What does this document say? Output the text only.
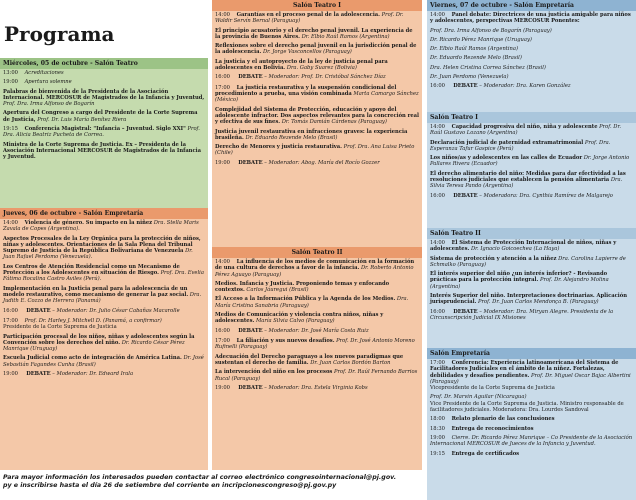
Programa
Miércoles, 05 de octubre - Salón Teatro
13:00 Acreditaciones
19:00 Apertura solemne
Palabras de bienvenida de la Presidenta de la Asociación Internacional. MERCOSUR de Magistrados de la Infancia y Juventud, Prof. Dra. Irma Alfonso de Bogarín
Apertura del Congreso a cargo del Presidente de la Corte Suprema de Justicia, Prof. Dr. Luis María Benítez Riera
19:15 Conferencia Magistral: "Infancia – Juventud. Siglo XXI" Prof. Dra. Alicia Beatriz Pucheta de Correa.
Ministra de la Corte Suprema de Justicia. Ex – Presidenta de la Asociación Internacional MERCOSUR de Magistrados de la Infancia y Juventud.
Jueves, 06 de octubre - Salón Empretaría
14:00 Violencia de género. Su impacto en la niñez Dra. Stella Maris Zavala de Copes (Argentina).
Aspectos Procesales de la Ley Orgánica para la protección de niños, niñas y adolescentes. Orientaciones de la Sala Plena del Tribunal Supremo de Justicia de la República Bolivariana de Venezuela Dr. Juan Rafael Perdomo (Venezuela).
Los Centros de Atención Residencial como un Mecanismo de Protección a los Adolescentes en situación de Riesgo. Prof. Dra. Evelia Fátima Rocalina Castro Aviles (Perú).
Implementación en la Justicia penal para la adolescencia de un modelo restaurativo, como mecanismo de generar la paz social. Dra. Judith E. Cozzo de Herrera (Panamá)
16:00 DEBATE – Moderador: Dr. Julio César Cabañas Macarolle
17:00 Prof. Dr. Harley J. Mitchell D. (Panamá, a confirmar)
Presidente de la Corte Suprema de Justicia
Participación procesal de los niños, niñas y adolescentes según la Convención sobre los derechos del niño. Dr. Ricardo César Pérez Manrique (Uruguay)
Escuela Judicial como acto de integración de América Latina. Dr. José Sebastián Fagundes Cunha (Brasil)
19:00 DEBATE – Moderador: Dr. Edward Irala
Salón Teatro I
14:00 Garantías en el proceso penal de la adolescencia. Prof. Dr. Waldir Servín Bernal (Paraguay)
El principio acusatorio y el derecho penal juvenil. La experiencia de la provincia de Buenos Aires. Dr. Elbio Raúl Ramos (Argentina)
Reflexiones sobre el derecho penal juvenil en la jurisdicción penal de la adolescencia. Dr. Jorge Vasconcellos (Paraguay)
La justicia y el autoproyecto de la ley de justicia penal para adolescentes en Bolivia. Dra. Gaby Suarez (Bolivia)
16:00 DEBATE – Moderador: Prof. Dr. Cristóbal Sánchez Díaz
17:00 La justicia restaurativa y la suspensión condicional del procedimiento a prueba, una visión combinada Marta Camargo Sánchez (México)
Complejidad del Sistema de Protección, educación y apoyo del adolescente infractor. Dos aspectos relevantes para la concreción real y efectiva de sus fines. Dr. Tomás Damián Cárdenas (Paraguay)
Justicia juvenil restaurativa en infracciones graves: la experiencia brasileña. Dr. Eduardo Rezende Melo (Brasil)
Derecho de Menores y justicia restaurativa. Prof. Dra. Ana Luisa Prieto (Chile)
19:00 DEBATE – Moderador: Abog. María del Rocío Gozzer
Salón Teatro II
14:00 La influencia de los medios de comunicación en la formación de una cultura de derechos a favor de la infancia. Dr. Roberto Antonio Pérez Aguayo (Paraguay)
Medios. Infancia y Justicia. Proponiendo temas y enfocando contextos. Carlos Jáuregui (Brasil)
El Acceso a la Información Pública y la Agenda de los Medios. Dra. María Cristina Sanabria (Paraguay)
Medios de Comunicación y violencia contra niños, niñas y adolescentes. María Silvia Calvo (Paraguay)
16:00 DEBATE – Moderador: Dr. José María Costa Ruiz
17:00 La filiación y sus nuevos desafíos. Prof. Dr. José Antonio Moreno Rufinelli (Paraguay)
Adecuación del Derecho paraguayo a los nuevos paradigmas que sustentan el derecho de familia. Dr. Juan Carlos Bordón Barton
La intervención del niño en los procesos Prof. Dr. Raúl Fernando Barrios Rucal (Paraguay)
19:00 DEBATE – Moderador: Dra. Estela Virginia Kobs
Viernes, 07 de octubre - Salón Empretaría
14:00 Panel debate: Directrices de una justicia amigable para niños y adolescentes, perspectivas MERCOSUR Ponentes:
Prof. Dra. Irma Alfonso de Bogarín (Paraguay)
Dr. Ricardo Pérez Manrique (Uruguay)
Dr. Elbio Raúl Ramos (Argentina)
Dr. Eduardo Rezende Melo (Brasil)
Dra. Helen Cristina Correa Sánchez (Brasil)
Dr. Juan Perdomo (Venezuela)
16:00 DEBATE – Moderador: Dra. Karen González
Salón Teatro I
14:00 Capacidad progresiva del niño, niña y adolescente Prof. Dr. Raúl Gustavo Lozano (Argentina)
Declaración judicial de paternidad extramatrimonial Prof. Dra. Esperanza Tafur Gaspice (Perú)
Los niños/as y adolescentes en las calles de Ecuador Dr. Jorge Antonio Pallares Rivera (Ecuador)
El derecho alimentario del niño: Medidas para dar efectividad a las resoluciones judiciales que establecen la pensión alimentaria Dra. Silvia Teresa Pando (Argentina)
16:00 DEBATE – Moderadora: Dra. Cynthia Ramírez de Malgarejo
Salón Teatro II
14:00 El Sistema de Protección Internacional de niños, niñas y adolescentes. Dr. Ignacio Goicoechea (La Haya)
Sistema de protección y atención a la niñez Dra. Carolina Lapierre de Schmalko (Paraguay)
El interés superior del niño ¿un interés inferior? - Revisando prácticas para la protección integral. Prof. Dr. Alejandro Molina (Argentina)
Interés Superior del niño. Interpretaciones doctrinarias. Aplicación jurisprudencial. Prof. Dr. Juan Carlos Mendonça B. (Paraguay)
16:00 DEBATE – Moderador: Dra. Miryan Alegre. Presidenta de la Circunscripción Judicial IX Misiones
Salón Empretaría
17:00 Conferencia: Experiencia latinoamericana del Sistema de Facilitadores Judiciales en el ámbito de la niñez. Fortalezas, debilidades y desafíos pendientes. Prof. Dr. Miguel Oscar Bajac Albertini (Paraguay)
Vicepresidente de la Corte Suprema de Justicia
Prof. Dr. Marvin Aguilar (Nicaragua)
Vice Presidente de la Corte Suprema de Justicia. Ministro responsable de facilitadores judiciales. Moderadora: Dra. Lourdes Sandoval
18:00 Relato plenario de las conclusiones
18:30 Entrega de reconocimientos
19:00 Cierre. Dr. Ricardo Pérez Manrique – Co Presidente de la Asociación Internacional MERCOSUR de Jueces de la Infancia y Juventud.
19:15 Entrega de certificados
Para mayor información los interesados pueden contactar al correo electrónico congresointernacional@pj.gov.
py e inscribirse hasta el día 26 de setiembre del corriente en incripcionescongreso@pj.gov.py
